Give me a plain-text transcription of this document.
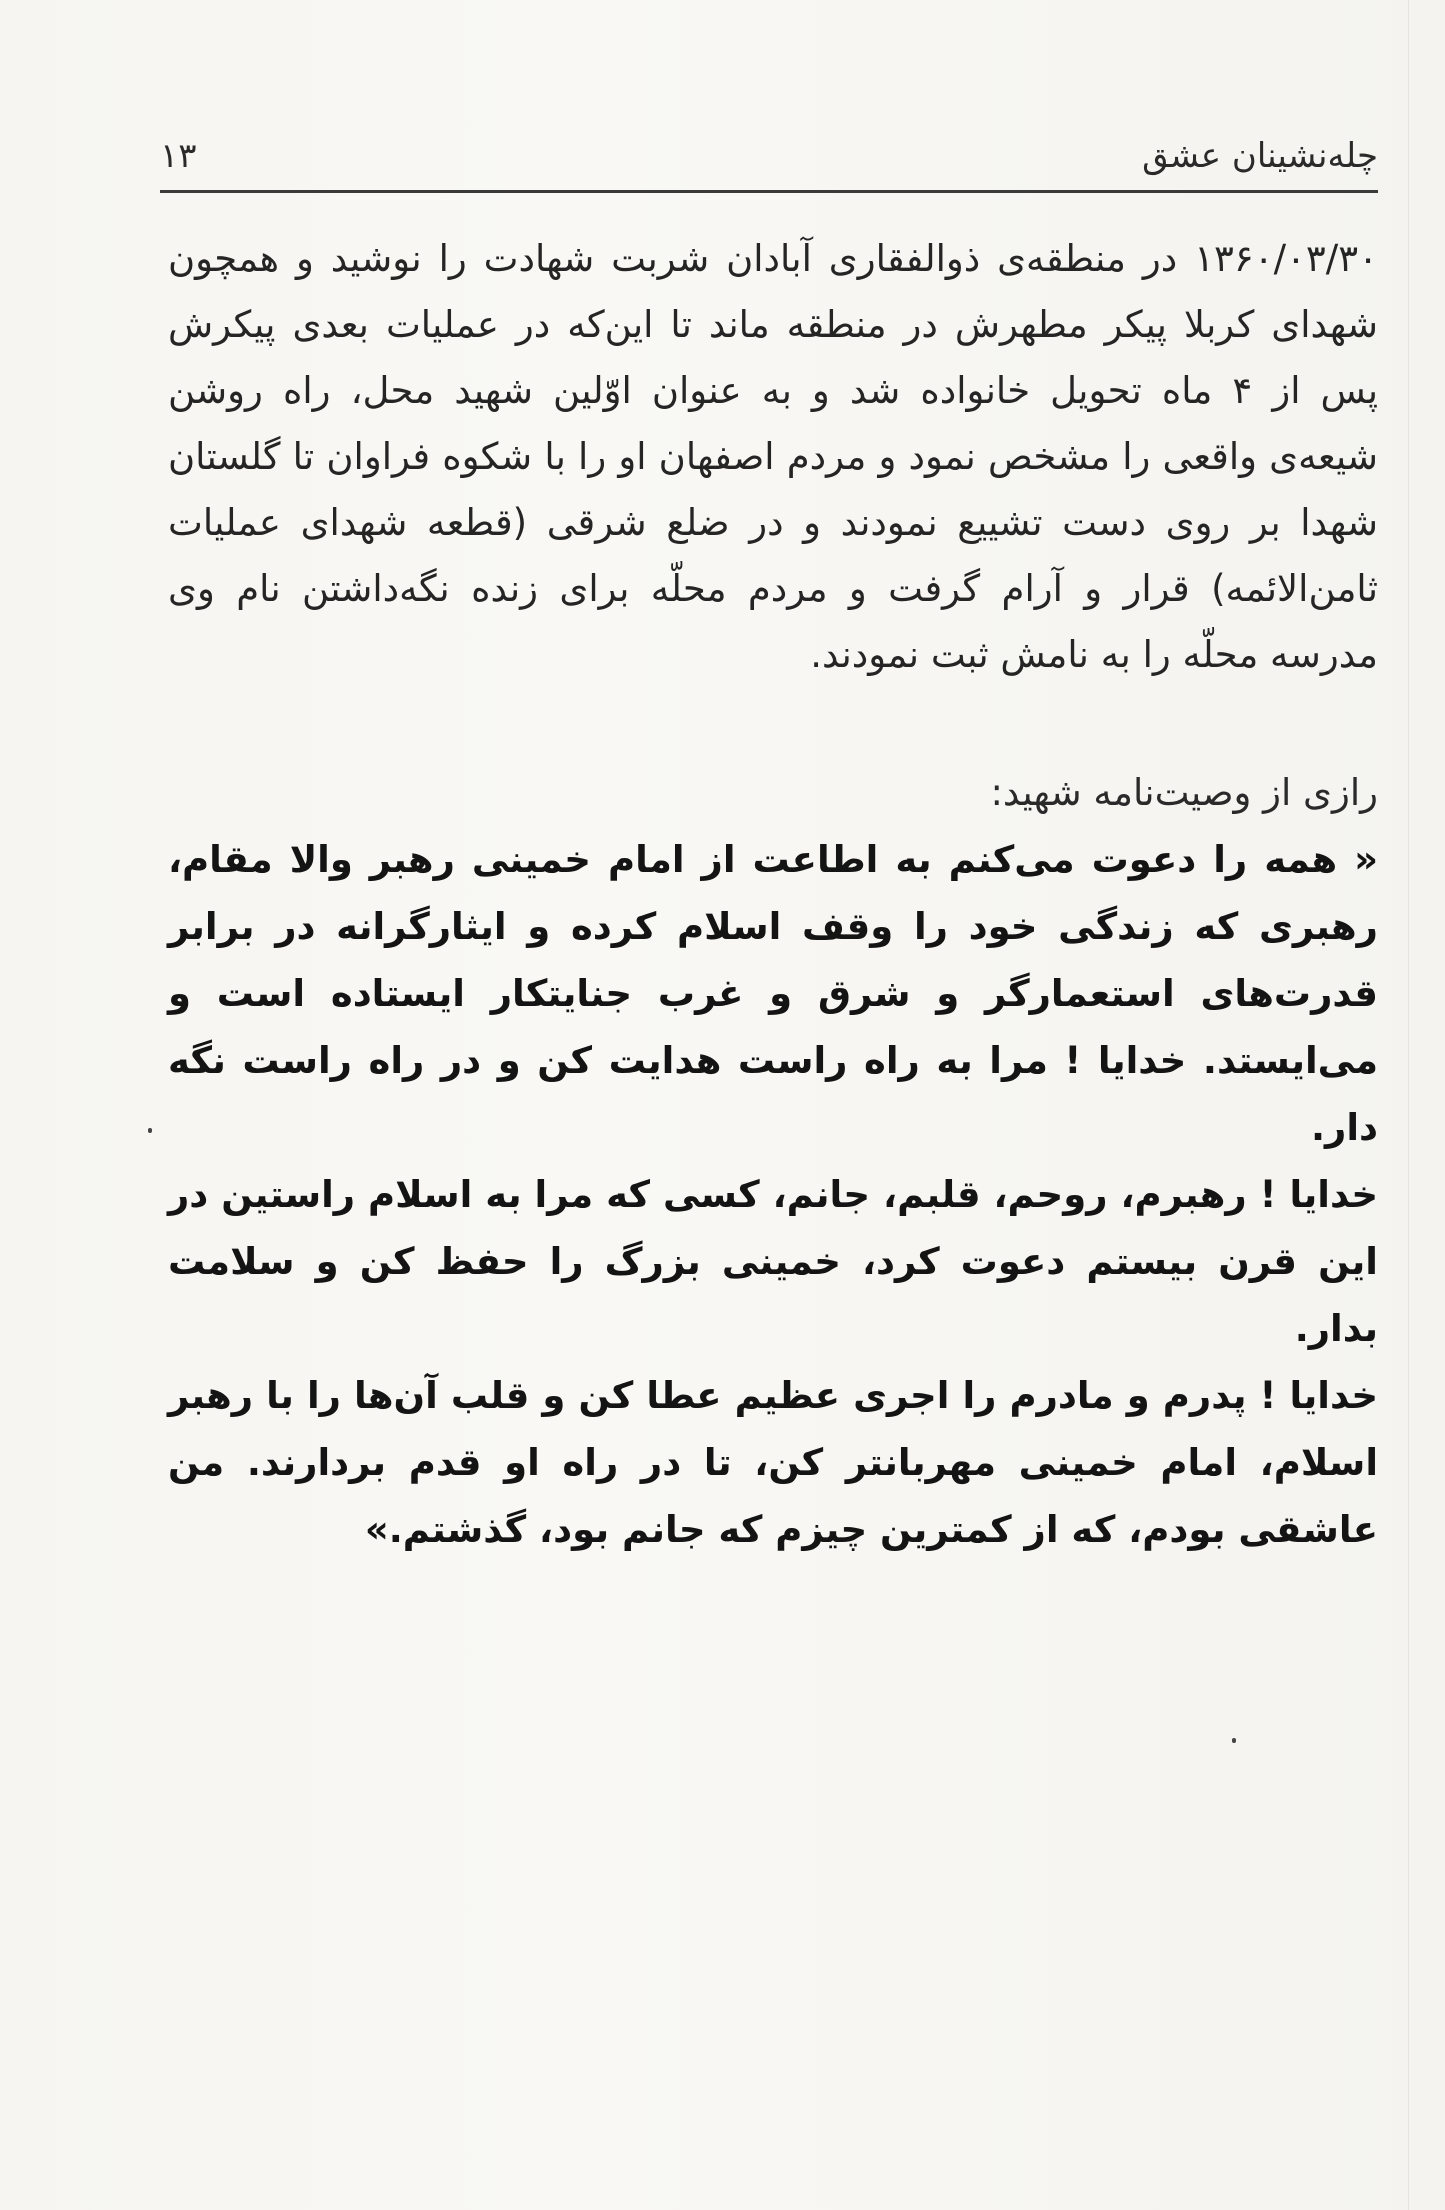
چله‌نشینان عشق
۱۳
۱۳۶۰/۰۳/۳۰ در منطقه‌ی ذوالفقاری آبادان شربت شهادت را نوشید و همچون شهدای کربلا پیکر مطهرش در منطقه ماند تا این‌که در عملیات بعدی پیکرش پس از ۴ ماه تحویل خانواده شد و به عنوان اوّلین شهید محل، راه روشن شیعه‌ی واقعی را مشخص نمود و مردم اصفهان او را با شکوه فراوان تا گلستان شهدا بر روی دست تشییع نمودند و در ضلع شرقی (قطعه شهدای عملیات ثامن‌الائمه) قرار و آرام گرفت و مردم محلّه برای زنده نگه‌داشتن نام وی مدرسه محلّه را به نامش ثبت نمودند.
رازی از وصیت‌نامه شهید:

« همه را دعوت می‌کنم به اطاعت از امام خمینی رهبر والا مقام، رهبری که زندگی خود را وقف اسلام کرده و ایثارگرانه در برابر قدرت‌های استعمارگر و شرق و غرب جنایتکار ایستاده است و می‌ایستد. خدایا ! مرا به راه راست هدایت کن و در راه راست نگه دار.

خدایا ! رهبرم، روحم، قلبم، جانم، کسی که مرا به اسلام راستین در این قرن بیستم دعوت کرد، خمینی بزرگ را حفظ کن و سلامت بدار.

خدایا ! پدرم و مادرم را اجری عظیم عطا کن و قلب آن‌ها را با رهبر اسلام، امام خمینی مهربانتر کن، تا در راه او قدم بردارند. من عاشقی بودم، که از کمترین چیزم که جانم بود، گذشتم.»
